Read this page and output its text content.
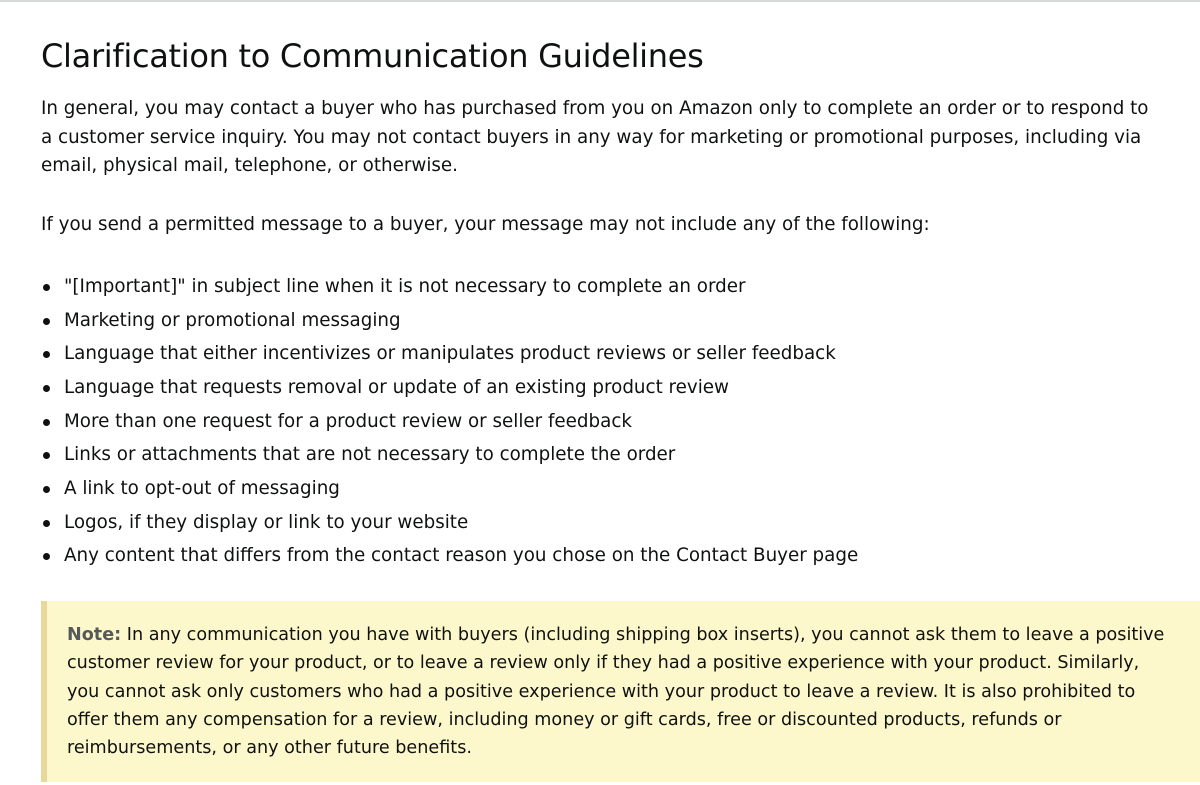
Clarification to Communication Guidelines

In general, you may contact a buyer who has purchased from you on Amazon only to complete an order or to respond to a customer service inquiry. You may not contact buyers in any way for marketing or promotional purposes, including via email, physical mail, telephone, or otherwise.

If you send a permitted message to a buyer, your message may not include any of the following:

"[Important]" in subject line when it is not necessary to complete an order
Marketing or promotional messaging
Language that either incentivizes or manipulates product reviews or seller feedback
Language that requests removal or update of an existing product review
More than one request for a product review or seller feedback
Links or attachments that are not necessary to complete the order
A link to opt-out of messaging
Logos, if they display or link to your website
Any content that differs from the contact reason you chose on the Contact Buyer page

Note: In any communication you have with buyers (including shipping box inserts), you cannot ask them to leave a positive customer review for your product, or to leave a review only if they had a positive experience with your product. Similarly, you cannot ask only customers who had a positive experience with your product to leave a review. It is also prohibited to offer them any compensation for a review, including money or gift cards, free or discounted products, refunds or reimbursements, or any other future benefits.
